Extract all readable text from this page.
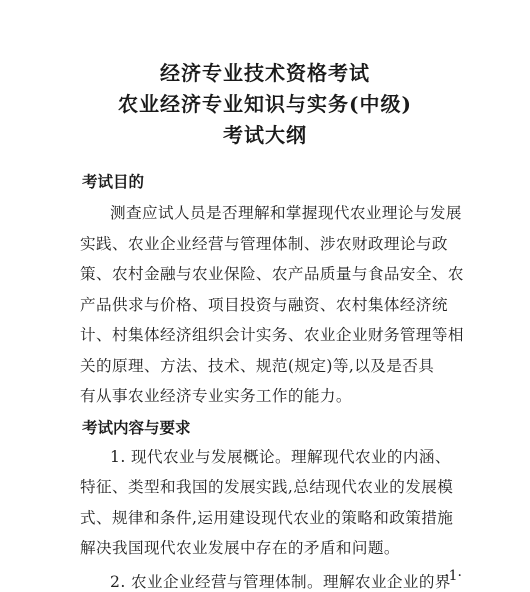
经济专业技术资格考试
农业经济专业知识与实务(中级)
考试大纲
考试目的
测查应试人员是否理解和掌握现代农业理论与发展
实践、农业企业经营与管理体制、涉农财政理论与政
策、农村金融与农业保险、农产品质量与食品安全、农
产品供求与价格、项目投资与融资、农村集体经济统
计、村集体经济组织会计实务、农业企业财务管理等相
关的原理、方法、技术、规范(规定)等,以及是否具
有从事农业经济专业实务工作的能力。
考试内容与要求
1. 现代农业与发展概论。理解现代农业的内涵、
特征、类型和我国的发展实践,总结现代农业的发展模
式、规律和条件,运用建设现代农业的策略和政策措施
解决我国现代农业发展中存在的矛盾和问题。
2. 农业企业经营与管理体制。理解农业企业的界
·1·
